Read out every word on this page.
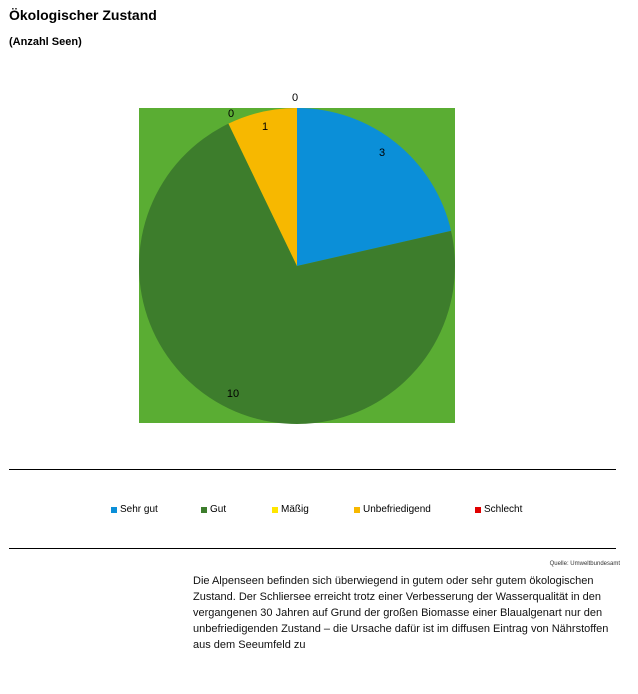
Ökologischer Zustand
(Anzahl Seen)
3
10
0
1
0
Sehr gut	Gut	Mäßig	Unbefriedigend	Schlecht
Quelle: Umweltbundesamt
Die Alpenseen befinden sich überwiegend in gutem oder sehr gutem ökologischen Zustand. Der Schliersee erreicht trotz einer Verbesserung der Wasserqualität in den vergangenen 30 Jahren auf Grund der großen Biomasse einer Blaualgenart nur den unbefriedigenden Zustand – die Ursache dafür ist im diffusen Eintrag von Nährstoffen aus dem Seeumfeld zu
